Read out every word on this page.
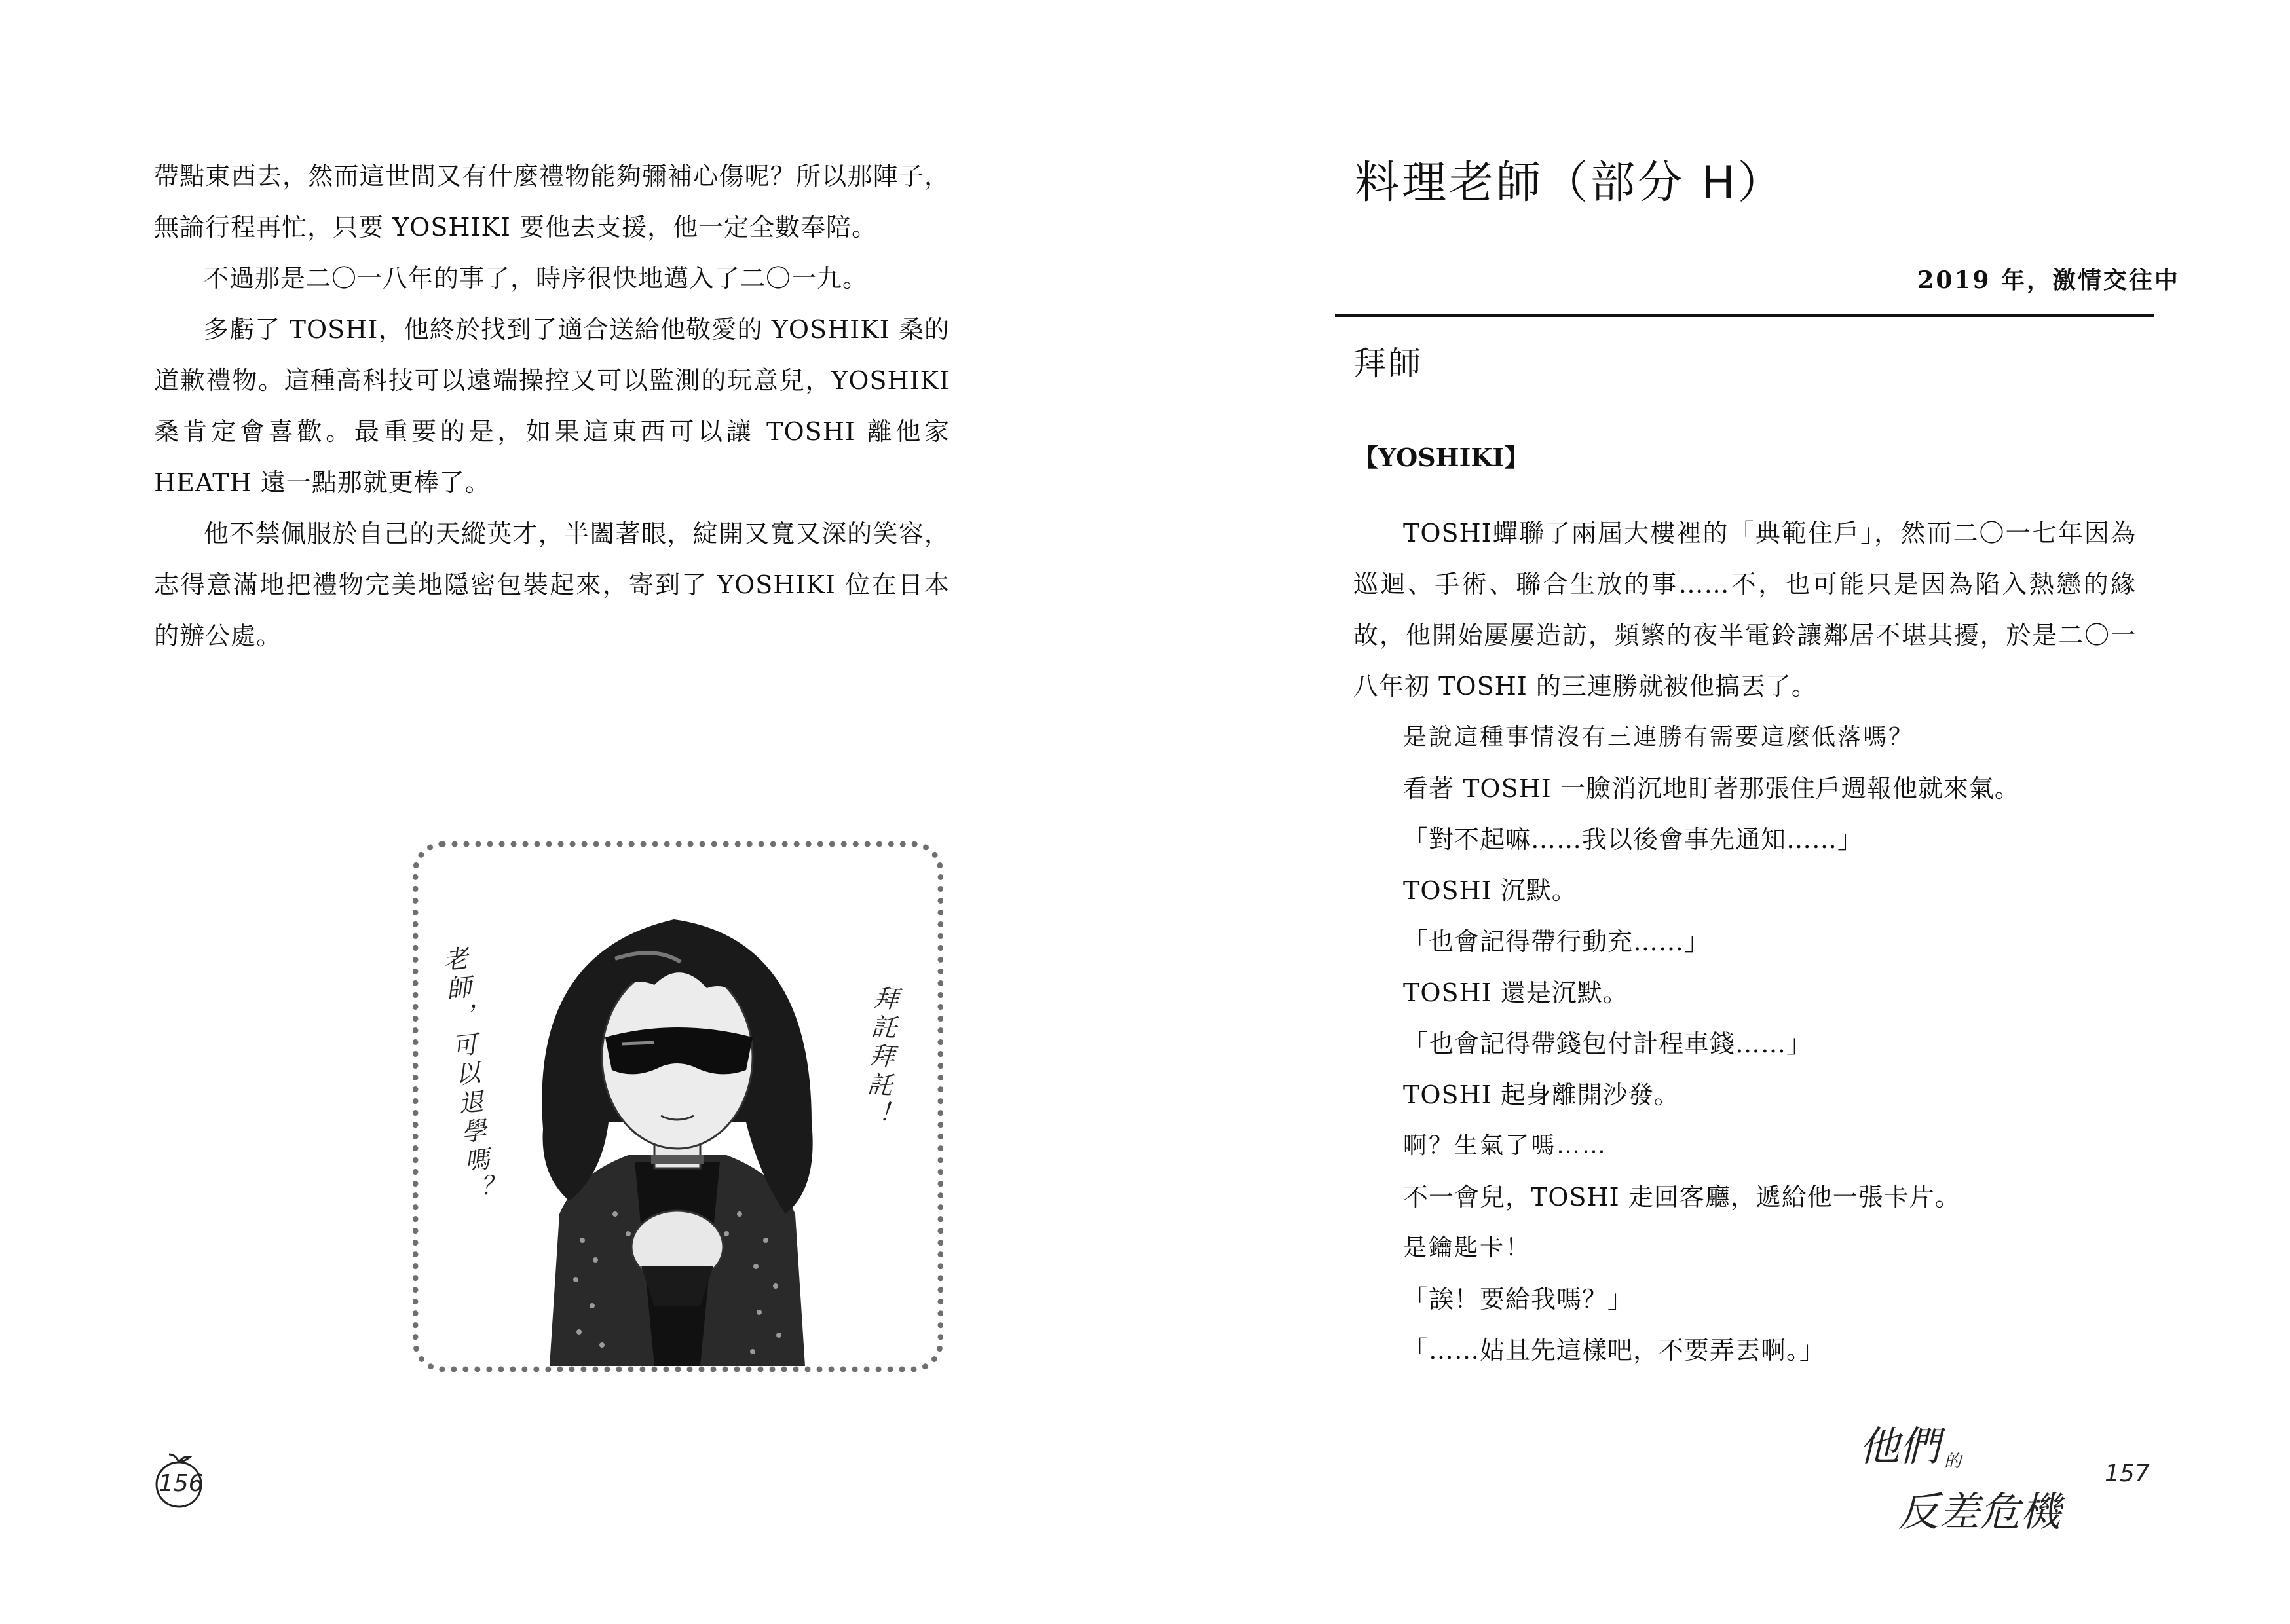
帶點東西去，然而這世間又有什麼禮物能夠彌補心傷呢？所以那陣子，無論行程再忙，只要 YOSHIKI 要他去支援，他一定全數奉陪。

不過那是二〇一八年的事了，時序很快地邁入了二〇一九。

多虧了 TOSHI，他終於找到了適合送給他敬愛的 YOSHIKI 桑的道歉禮物。這種高科技可以遠端操控又可以監測的玩意兒，YOSHIKI 桑肯定會喜歡。最重要的是，如果這東西可以讓 TOSHI 離他家 HEATH 遠一點那就更棒了。

他不禁佩服於自己的天縱英才，半闔著眼，綻開又寬又深的笑容，志得意滿地把禮物完美地隱密包裝起來，寄到了 YOSHIKI 位在日本的辦公處。

老師，可以退學嗎？	拜託拜託！
156
料理老師（部分 H）

2019 年，激情交往中

拜師

【YOSHIKI】

TOSHI蟬聯了兩屆大樓裡的「典範住戶」，然而二〇一七年因為巡迴、手術、聯合生放的事……不，也可能只是因為陷入熱戀的緣故，他開始屢屢造訪，頻繁的夜半電鈴讓鄰居不堪其擾，於是二〇一八年初 TOSHI 的三連勝就被他搞丟了。

是說這種事情沒有三連勝有需要這麼低落嗎？

看著 TOSHI 一臉消沉地盯著那張住戶週報他就來氣。

「對不起嘛……我以後會事先通知……」

TOSHI 沉默。

「也會記得帶行動充……」

TOSHI 還是沉默。

「也會記得帶錢包付計程車錢……」

TOSHI 起身離開沙發。

啊？生氣了嗎……

不一會兒，TOSHI 走回客廳，遞給他一張卡片。

是鑰匙卡！

「誒！要給我嗎？」

「……姑且先這樣吧，不要弄丟啊。」

他們 的
反差危機
157
